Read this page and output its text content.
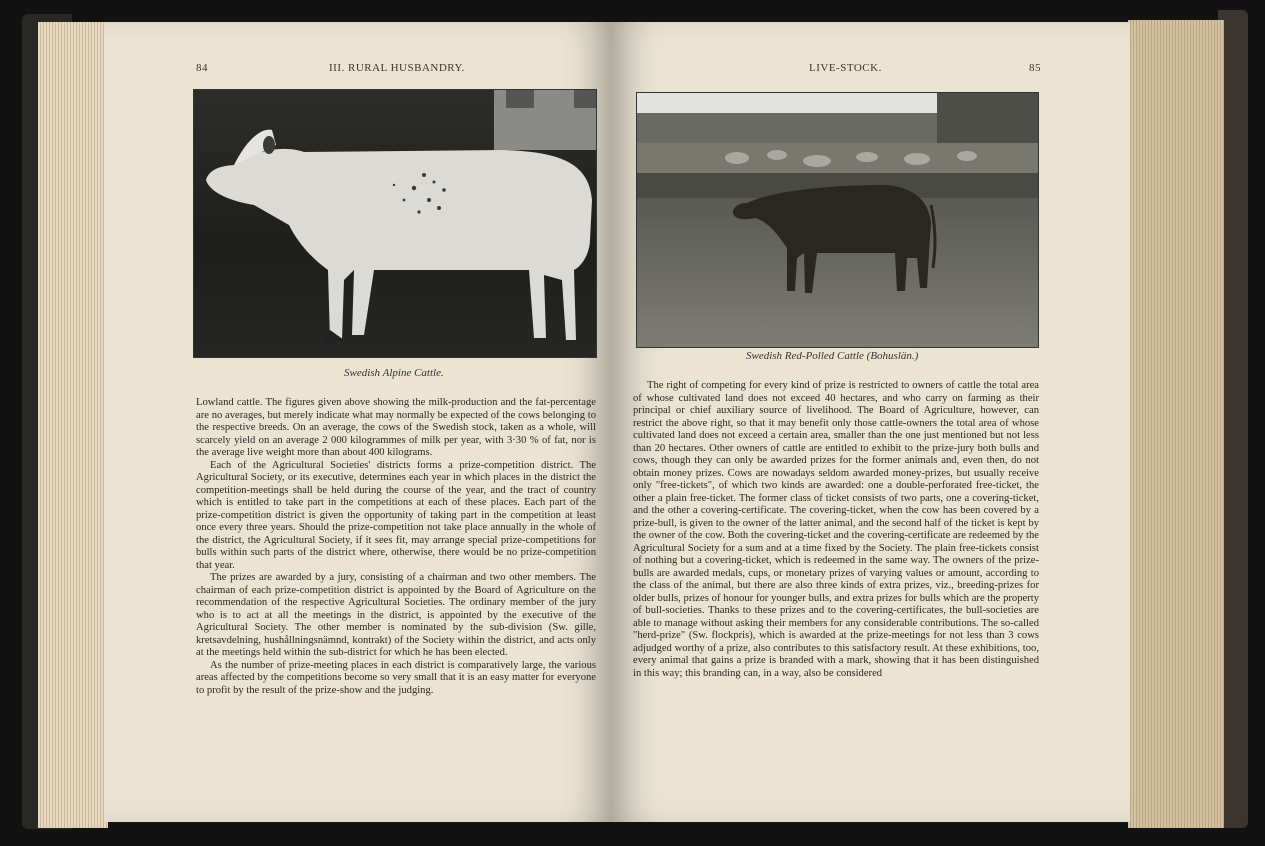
84	III. RURAL HUSBANDRY.
Swedish Alpine Cattle.

Lowland cattle. The figures given above showing the milk-production and the fat-percentage are no averages, but merely indicate what may normally be expected of the cows belonging to the respective breeds. On an average, the cows of the Swedish stock, taken as a whole, will scarcely yield on an average 2 000 kilogrammes of milk per year, with 3·30 % of fat, nor is the average live weight more than about 400 kilograms.

Each of the Agricultural Societies' districts forms a prize-competition district. The Agricultural Society, or its executive, determines each year in which places in the district the competition-meetings shall be held during the course of the year, and the tract of country which is entitled to take part in the competitions at each of these places. Each part of the prize-competition district is given the opportunity of taking part in the competition at least once every three years. Should the prize-competition not take place annually in the whole of the district, the Agricultural Society, if it sees fit, may arrange special prize-competitions for bulls within such parts of the district where, otherwise, there would be no prize-competition that year.

The prizes are awarded by a jury, consisting of a chairman and two other members. The chairman of each prize-competition district is appointed by the Board of Agriculture on the recommendation of the respective Agricultural Societies. The ordinary member of the jury who is to act at all the meetings in the district, is appointed by the executive of the Agricultural Society. The other member is nominated by the sub-division (Sw. gille, kretsavdelning, hushållningsnämnd, kontrakt) of the Society within the district, and acts only at the meetings held within the sub-district for which he has been elected.

As the number of prize-meeting places in each district is comparatively large, the various areas affected by the competitions become so very small that it is an easy matter for everyone to profit by the result of the prize-show and the judging.

LIVE-STOCK.	85
Swedish Red-Polled Cattle (Bohuslän.)

The right of competing for every kind of prize is restricted to owners of cattle the total area of whose cultivated land does not exceed 40 hectares, and who carry on farming as their principal or chief auxiliary source of livelihood. The Board of Agriculture, however, can restrict the above right, so that it may benefit only those cattle-owners the total area of whose cultivated land does not exceed a certain area, smaller than the one just mentioned but not less than 20 hectares. Other owners of cattle are entitled to exhibit to the prize-jury both bulls and cows, though they can only be awarded prizes for the former animals and, even then, do not obtain money prizes. Cows are nowadays seldom awarded money-prizes, but usually receive only "free-tickets", of which two kinds are awarded: one a double-perforated free-ticket, the other a plain free-ticket. The former class of ticket consists of two parts, one a covering-ticket, and the other a covering-certificate. The covering-ticket, when the cow has been covered by a prize-bull, is given to the owner of the latter animal, and the second half of the ticket is kept by the owner of the cow. Both the covering-ticket and the covering-certificate are redeemed by the Agricultural Society for a sum and at a time fixed by the Society. The plain free-tickets consist of nothing but a covering-ticket, which is redeemed in the same way. The owners of the prize-bulls are awarded medals, cups, or monetary prizes of varying values or amount, according to the class of the animal, but there are also three kinds of extra prizes, viz., breeding-prizes for older bulls, prizes of honour for younger bulls, and extra prizes for bulls which are the property of bull-societies. Thanks to these prizes and to the covering-certificates, the bull-societies are able to manage without asking their members for any considerable contributions. The so-called "herd-prize" (Sw. flockpris), which is awarded at the prize-meetings for not less than 3 cows adjudged worthy of a prize, also contributes to this satisfactory result. At these exhibitions, too, every animal that gains a prize is branded with a mark, showing that it has been distinguished in this way; this branding can, in a way, also be considered
